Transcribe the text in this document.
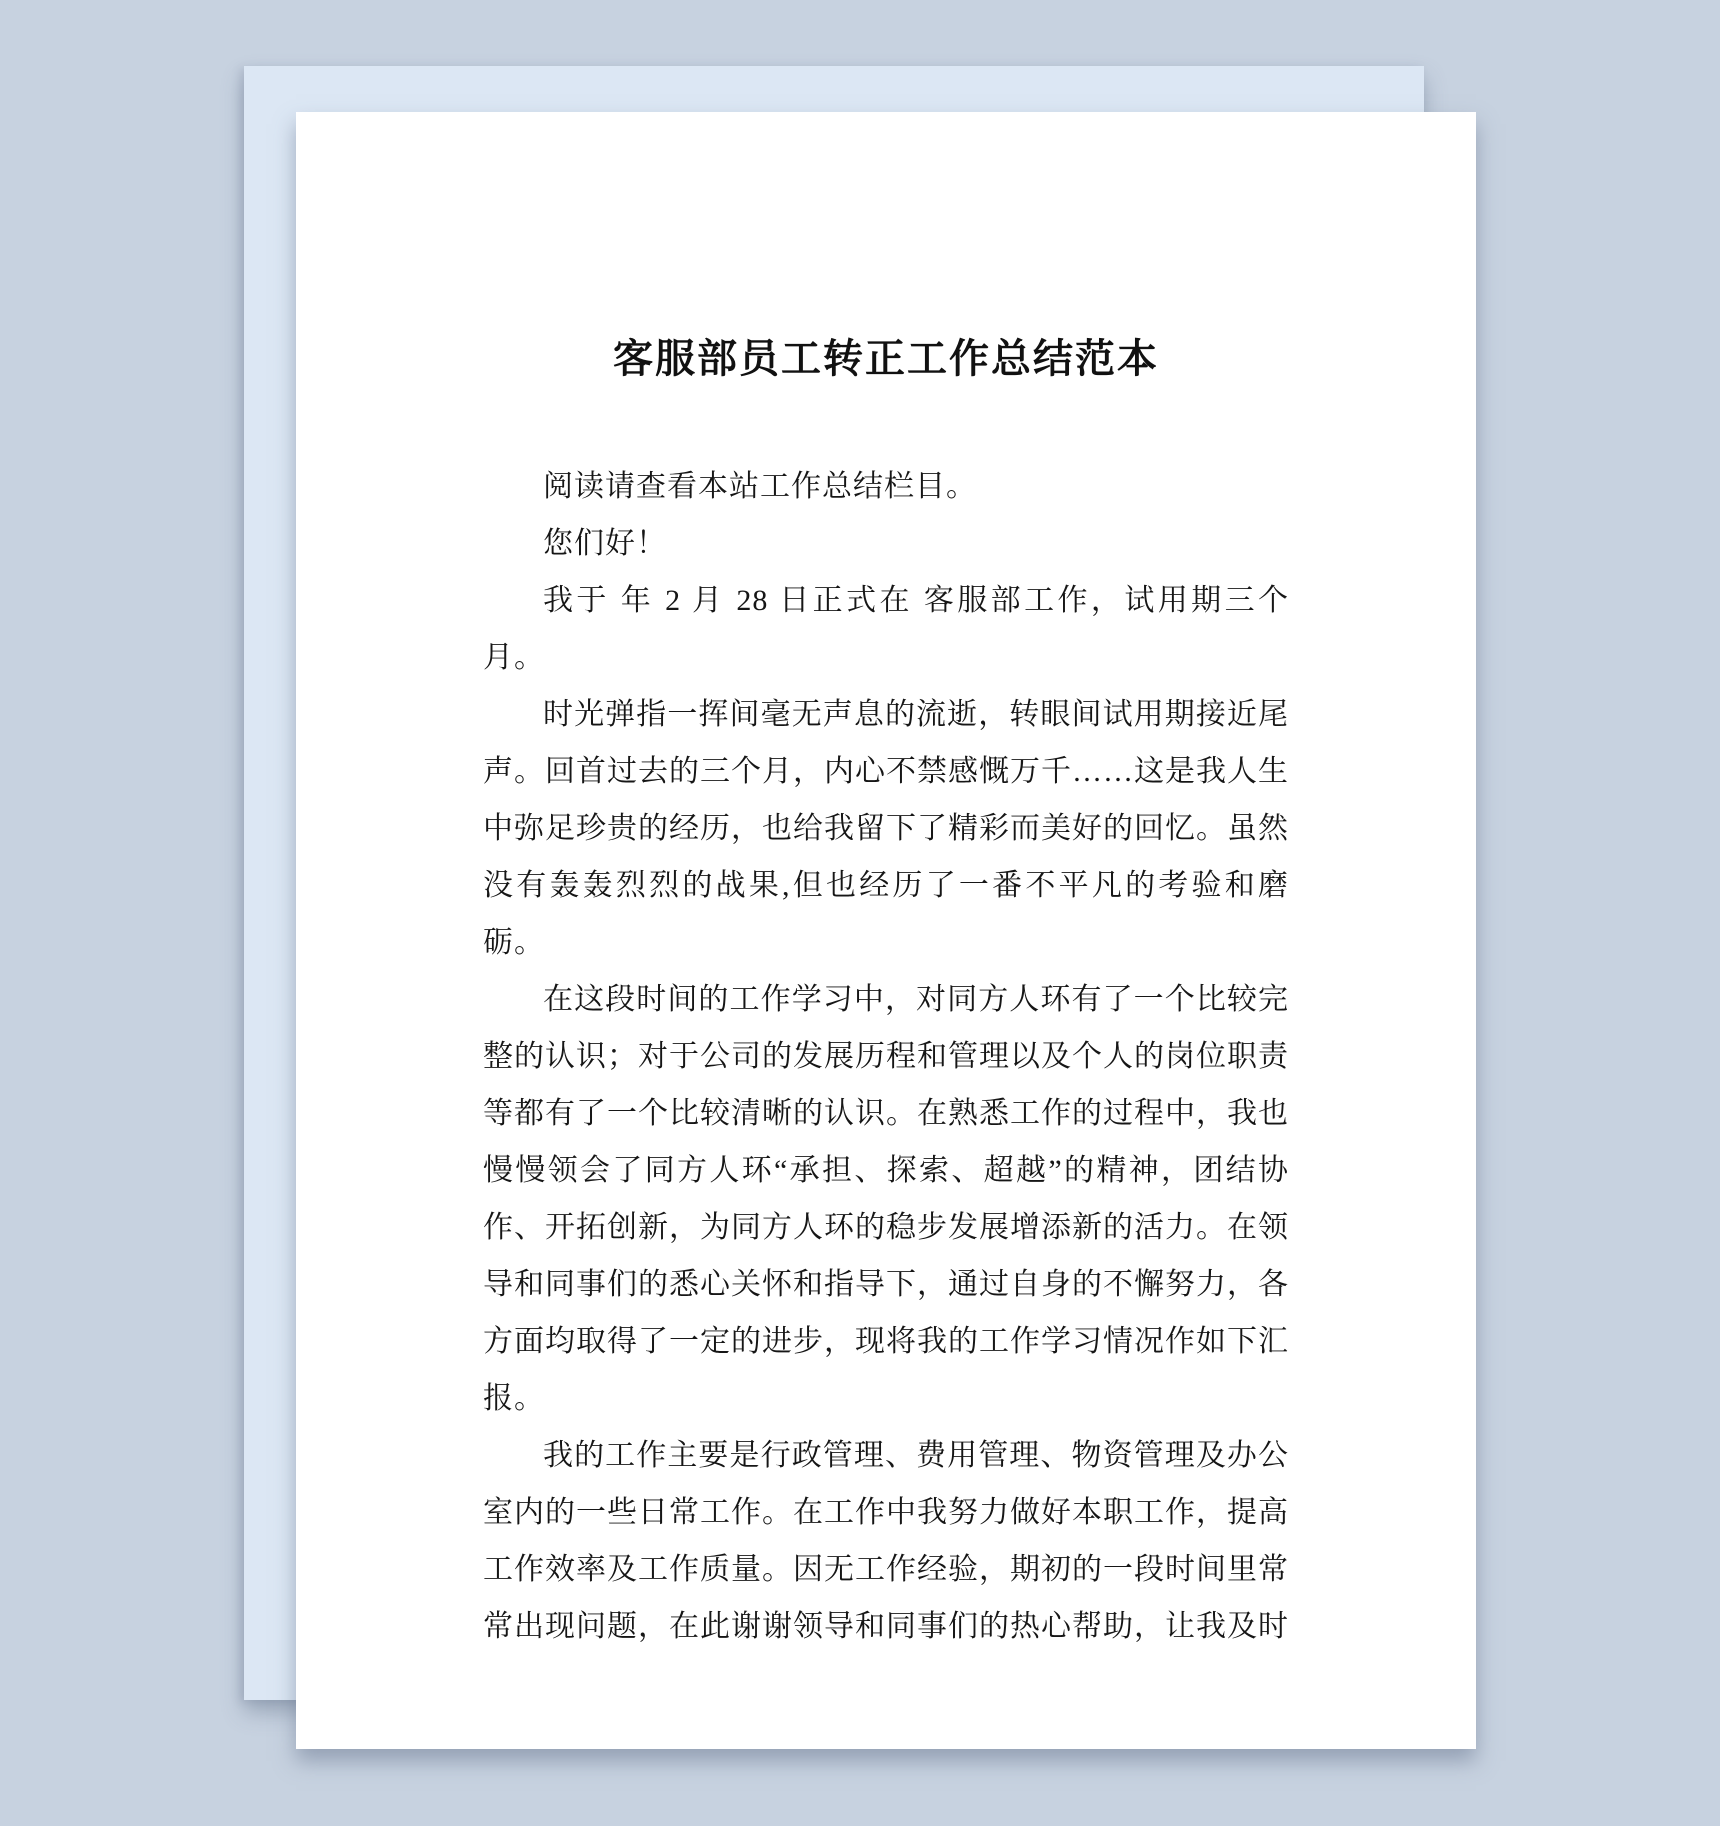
客服部员工转正工作总结范本

阅读请查看本站工作总结栏目。

您们好！

我于 年 2 月 28 日正式在 客服部工作，试用期三个月。

时光弹指一挥间毫无声息的流逝，转眼间试用期接近尾声。回首过去的三个月，内心不禁感慨万千……这是我人生中弥足珍贵的经历，也给我留下了精彩而美好的回忆。虽然没有轰轰烈烈的战果,但也经历了一番不平凡的考验和磨砺。

在这段时间的工作学习中，对同方人环有了一个比较完整的认识；对于公司的发展历程和管理以及个人的岗位职责等都有了一个比较清晰的认识。在熟悉工作的过程中，我也慢慢领会了同方人环“承担、探索、超越”的精神，团结协作、开拓创新，为同方人环的稳步发展增添新的活力。在领导和同事们的悉心关怀和指导下，通过自身的不懈努力，各方面均取得了一定的进步，现将我的工作学习情况作如下汇报。

我的工作主要是行政管理、费用管理、物资管理及办公室内的一些日常工作。在工作中我努力做好本职工作，提高工作效率及工作质量。因无工作经验，期初的一段时间里常常出现问题，在此谢谢领导和同事们的热心帮助，让我及时
